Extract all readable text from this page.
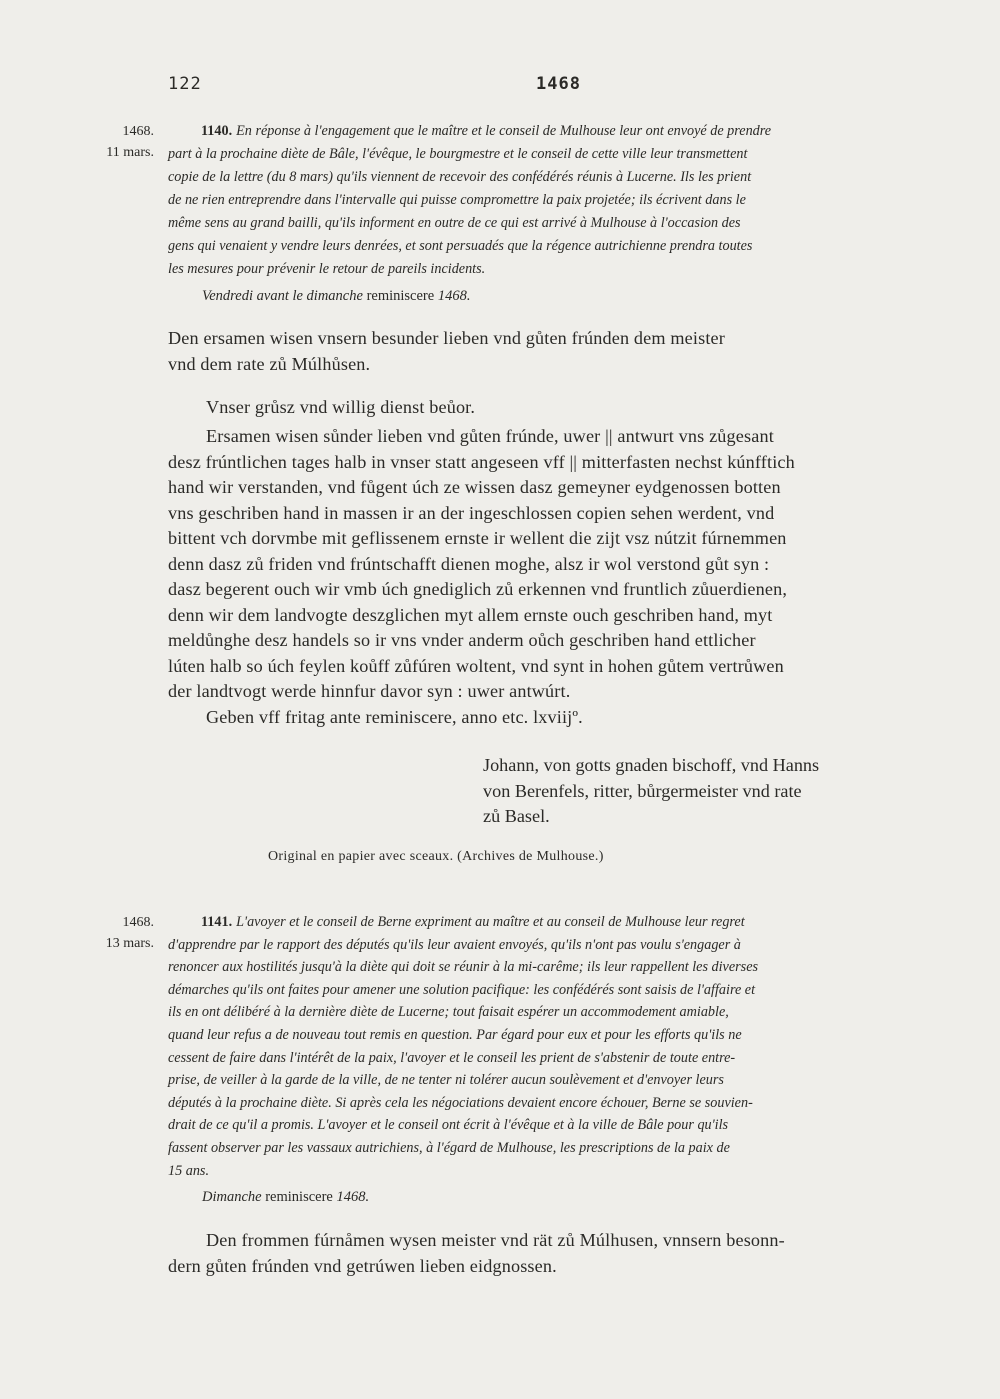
122	1468
1468.
11 mars.
1140. En réponse à l'engagement que le maître et le conseil de Mulhouse leur ont envoyé de prendre
part à la prochaine diète de Bâle, l'évêque, le bourgmestre et le conseil de cette ville leur transmettent
copie de la lettre (du 8 mars) qu'ils viennent de recevoir des confédérés réunis à Lucerne. Ils les prient
de ne rien entreprendre dans l'intervalle qui puisse compromettre la paix projetée; ils écrivent dans le
même sens au grand bailli, qu'ils informent en outre de ce qui est arrivé à Mulhouse à l'occasion des
gens qui venaient y vendre leurs denrées, et sont persuadés que la régence autrichienne prendra toutes
les mesures pour prévenir le retour de pareils incidents.
Vendredi avant le dimanche reminiscere 1468.
Den ersamen wisen vnsern besunder lieben vnd gůten frúnden dem meister
vnd dem rate zů Múlhůsen.
Vnser grůsz vnd willig dienst beůor.
Ersamen wisen sůnder lieben vnd gůten frúnde, uwer || antwurt vns zůgesant
desz frúntlichen tages halb in vnser statt angeseen vff || mitterfasten nechst kúnfftich
hand wir verstanden, vnd fůgent úch ze wissen dasz gemeyner eydgenossen botten
vns geschriben hand in massen ir an der ingeschlossen copien sehen werdent, vnd
bittent vch dorvmbe mit geflissenem ernste ir wellent die zijt vsz nútzit fúrnemmen
denn dasz zů friden vnd frúntschafft dienen moghe, alsz ir wol verstond gůt syn :
dasz begerent ouch wir vmb úch gnediglich zů erkennen vnd fruntlich zůuerdienen,
denn wir dem landvogte deszglichen myt allem ernste ouch geschriben hand, myt
meldůnghe desz handels so ir vns vnder anderm oůch geschriben hand ettlicher
lúten halb so úch feylen koůff zůfúren woltent, vnd synt in hohen gůtem vertrůwen
der landtvogt werde hinnfur davor syn : uwer antwúrt.
Geben vff fritag ante reminiscere, anno etc. lxviijº.
Johann, von gotts gnaden bischoff, vnd Hanns
von Berenfels, ritter, bůrgermeister vnd rate
zů Basel.
Original en papier avec sceaux. (Archives de Mulhouse.)
1468.
13 mars.
1141. L'avoyer et le conseil de Berne expriment au maître et au conseil de Mulhouse leur regret
d'apprendre par le rapport des députés qu'ils leur avaient envoyés, qu'ils n'ont pas voulu s'engager à
renoncer aux hostilités jusqu'à la diète qui doit se réunir à la mi-carême; ils leur rappellent les diverses
démarches qu'ils ont faites pour amener une solution pacifique: les confédérés sont saisis de l'affaire et
ils en ont délibéré à la dernière diète de Lucerne; tout faisait espérer un accommodement amiable,
quand leur refus a de nouveau tout remis en question. Par égard pour eux et pour les efforts qu'ils ne
cessent de faire dans l'intérêt de la paix, l'avoyer et le conseil les prient de s'abstenir de toute entre-
prise, de veiller à la garde de la ville, de ne tenter ni tolérer aucun soulèvement et d'envoyer leurs
députés à la prochaine diète. Si après cela les négociations devaient encore échouer, Berne se souvien-
drait de ce qu'il a promis. L'avoyer et le conseil ont écrit à l'évêque et à la ville de Bâle pour qu'ils
fassent observer par les vassaux autrichiens, à l'égard de Mulhouse, les prescriptions de la paix de
15 ans.
Dimanche reminiscere 1468.
Den frommen fúrnåmen wysen meister vnd rät zů Múlhusen, vnnsern besonn-
dern gůten frúnden vnd getrúwen lieben eidgnossen.
